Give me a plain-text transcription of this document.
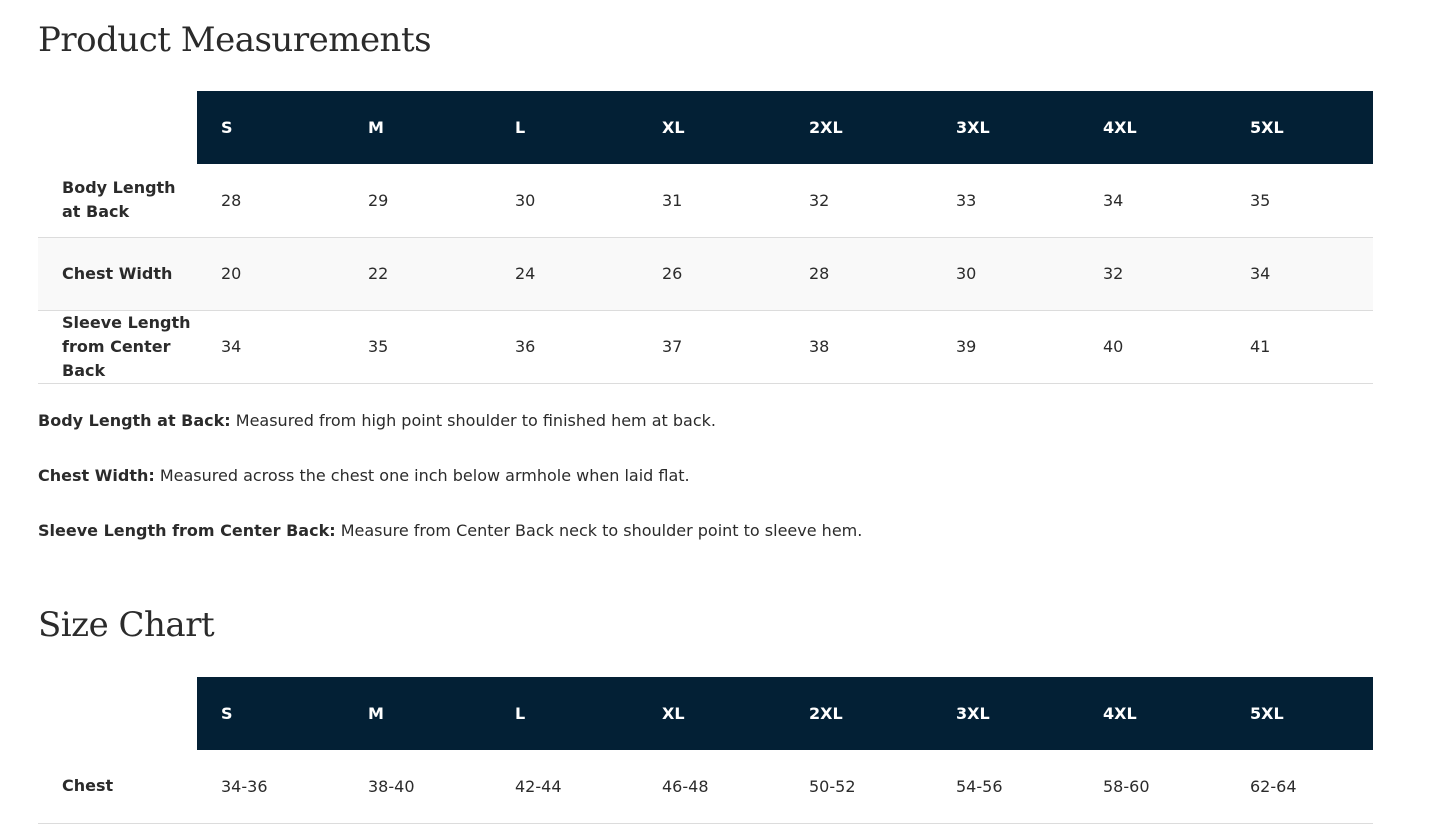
Product Measurements
	S	M	L	XL	2XL	3XL	4XL	5XL
Body Length at Back	28	29	30	31	32	33	34	35
Chest Width	20	22	24	26	28	30	32	34
Sleeve Length from Center Back	34	35	36	37	38	39	40	41

Body Length at Back: Measured from high point shoulder to finished hem at back.

Chest Width: Measured across the chest one inch below armhole when laid flat.

Sleeve Length from Center Back: Measure from Center Back neck to shoulder point to sleeve hem.

Size Chart
	S	M	L	XL	2XL	3XL	4XL	5XL
Chest	34-36	38-40	42-44	46-48	50-52	54-56	58-60	62-64
